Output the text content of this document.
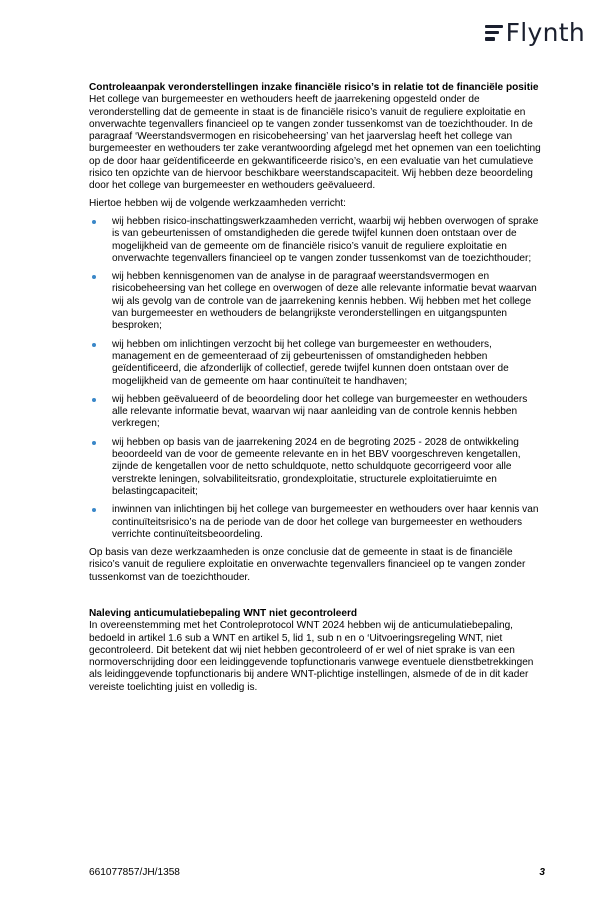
Flynth
Controleaanpak veronderstellingen inzake financiële risico’s in relatie tot de financiële positie

Het college van burgemeester en wethouders heeft de jaarrekening opgesteld onder de veronderstelling dat de gemeente in staat is de financiële risico’s vanuit de reguliere exploitatie en onverwachte tegenvallers financieel op te vangen zonder tussenkomst van de toezichthouder. In de paragraaf ‘Weerstandsvermogen en risicobeheersing’ van het jaarverslag heeft het college van burgemeester en wethouders ter zake verantwoording afgelegd met het opnemen van een toelichting op de door haar geïdentificeerde en gekwantificeerde risico’s, en een evaluatie van het cumulatieve risico ten opzichte van de hiervoor beschikbare weerstandscapaciteit. Wij hebben deze beoordeling door het college van burgemeester en wethouders geëvalueerd.

Hiertoe hebben wij de volgende werkzaamheden verricht:

wij hebben risico-inschattingswerkzaamheden verricht, waarbij wij hebben overwogen of sprake is van gebeurtenissen of omstandigheden die gerede twijfel kunnen doen ontstaan over de mogelijkheid van de gemeente om de financiële risico’s vanuit de reguliere exploitatie en onverwachte tegenvallers financieel op te vangen zonder tussenkomst van de toezichthouder;
wij hebben kennisgenomen van de analyse in de paragraaf weerstandsvermogen en risicobeheersing van het college en overwogen of deze alle relevante informatie bevat waarvan wij als gevolg van de controle van de jaarrekening kennis hebben. Wij hebben met het college van burgemeester en wethouders de belangrijkste veronderstellingen en uitgangspunten besproken;
wij hebben om inlichtingen verzocht bij het college van burgemeester en wethouders, management en de gemeenteraad of zij gebeurtenissen of omstandigheden hebben geïdentificeerd, die afzonderlijk of collectief, gerede twijfel kunnen doen ontstaan over de mogelijkheid van de gemeente om haar continuïteit te handhaven;
wij hebben geëvalueerd of de beoordeling door het college van burgemeester en wethouders alle relevante informatie bevat, waarvan wij naar aanleiding van de controle kennis hebben verkregen;
wij hebben op basis van de jaarrekening 2024 en de begroting 2025 - 2028 de ontwikkeling beoordeeld van de voor de gemeente relevante en in het BBV voorgeschreven kengetallen, zijnde de kengetallen voor de netto schuldquote, netto schuldquote gecorrigeerd voor alle verstrekte leningen, solvabiliteitsratio, grondexploitatie, structurele exploitatieruimte en belastingcapaciteit;
inwinnen van inlichtingen bij het college van burgemeester en wethouders over haar kennis van continuïteitsrisico’s na de periode van de door het college van burgemeester en wethouders verrichte continuïteitsbeoordeling.

Op basis van deze werkzaamheden is onze conclusie dat de gemeente in staat is de financiële risico’s vanuit de reguliere exploitatie en onverwachte tegenvallers financieel op te vangen zonder tussenkomst van de toezichthouder.

Naleving anticumulatiebepaling WNT niet gecontroleerd

In overeenstemming met het Controleprotocol WNT 2024 hebben wij de anticumulatiebepaling, bedoeld in artikel 1.6 sub a WNT en artikel 5, lid 1, sub n en o ‘Uitvoeringsregeling WNT, niet gecontroleerd. Dit betekent dat wij niet hebben gecontroleerd of er wel of niet sprake is van een normoverschrijding door een leidinggevende topfunctionaris vanwege eventuele dienstbetrekkingen als leidinggevende topfunctionaris bij andere WNT-plichtige instellingen, alsmede of de in dit kader vereiste toelichting juist en volledig is.

661077857/JH/1358	3
